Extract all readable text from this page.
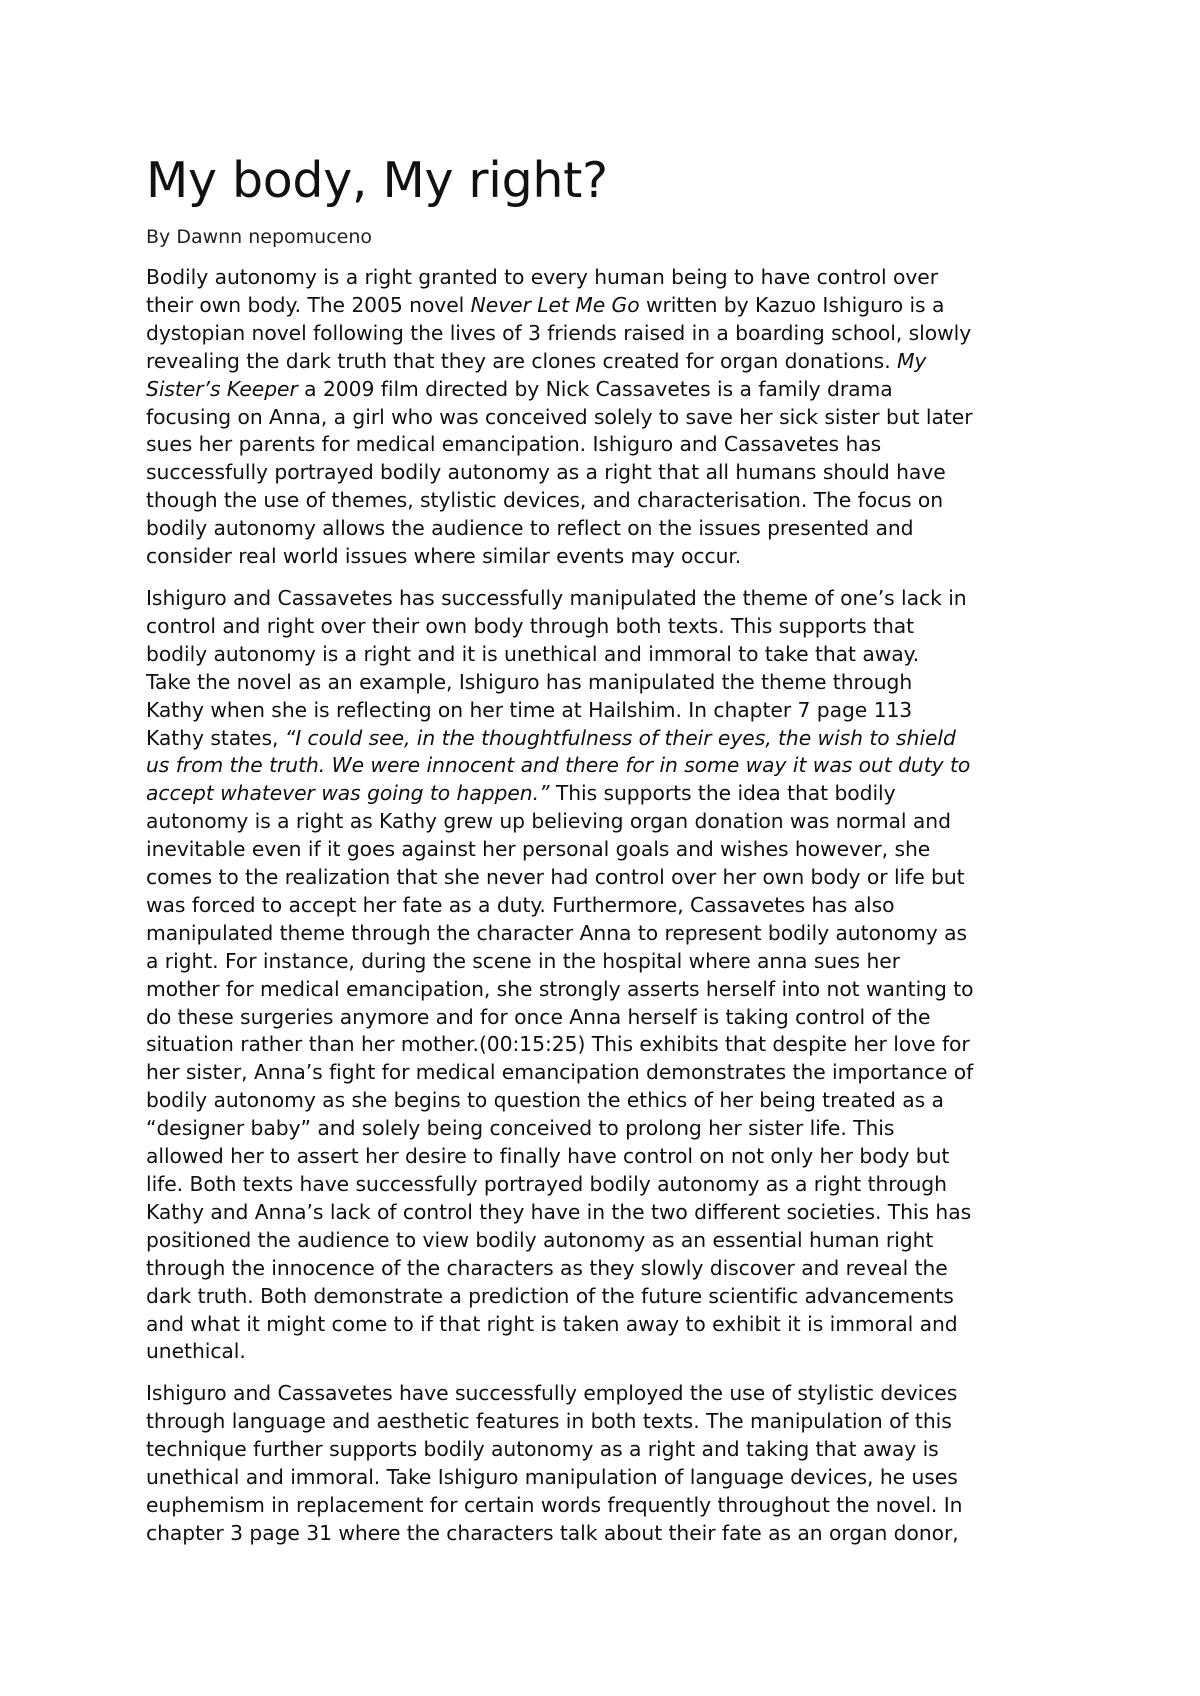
My body, My right?
By Dawnn nepomuceno

Bodily autonomy is a right granted to every human being to have control over
their own body. The 2005 novel Never Let Me Go written by Kazuo Ishiguro is a
dystopian novel following the lives of 3 friends raised in a boarding school, slowly
revealing the dark truth that they are clones created for organ donations. My
Sister’s Keeper a 2009 film directed by Nick Cassavetes is a family drama
focusing on Anna, a girl who was conceived solely to save her sick sister but later
sues her parents for medical emancipation. Ishiguro and Cassavetes has
successfully portrayed bodily autonomy as a right that all humans should have
though the use of themes, stylistic devices, and characterisation. The focus on
bodily autonomy allows the audience to reflect on the issues presented and
consider real world issues where similar events may occur.

Ishiguro and Cassavetes has successfully manipulated the theme of one’s lack in
control and right over their own body through both texts. This supports that
bodily autonomy is a right and it is unethical and immoral to take that away.
Take the novel as an example, Ishiguro has manipulated the theme through
Kathy when she is reflecting on her time at Hailshim. In chapter 7 page 113
Kathy states, “I could see, in the thoughtfulness of their eyes, the wish to shield
us from the truth. We were innocent and there for in some way it was out duty to
accept whatever was going to happen.” This supports the idea that bodily
autonomy is a right as Kathy grew up believing organ donation was normal and
inevitable even if it goes against her personal goals and wishes however, she
comes to the realization that she never had control over her own body or life but
was forced to accept her fate as a duty. Furthermore, Cassavetes has also
manipulated theme through the character Anna to represent bodily autonomy as
a right. For instance, during the scene in the hospital where anna sues her
mother for medical emancipation, she strongly asserts herself into not wanting to
do these surgeries anymore and for once Anna herself is taking control of the
situation rather than her mother.(00:15:25) This exhibits that despite her love for
her sister, Anna’s fight for medical emancipation demonstrates the importance of
bodily autonomy as she begins to question the ethics of her being treated as a
“designer baby” and solely being conceived to prolong her sister life. This
allowed her to assert her desire to finally have control on not only her body but
life. Both texts have successfully portrayed bodily autonomy as a right through
Kathy and Anna’s lack of control they have in the two different societies. This has
positioned the audience to view bodily autonomy as an essential human right
through the innocence of the characters as they slowly discover and reveal the
dark truth. Both demonstrate a prediction of the future scientific advancements
and what it might come to if that right is taken away to exhibit it is immoral and
unethical.

Ishiguro and Cassavetes have successfully employed the use of stylistic devices
through language and aesthetic features in both texts. The manipulation of this
technique further supports bodily autonomy as a right and taking that away is
unethical and immoral. Take Ishiguro manipulation of language devices, he uses
euphemism in replacement for certain words frequently throughout the novel. In
chapter 3 page 31 where the characters talk about their fate as an organ donor,
